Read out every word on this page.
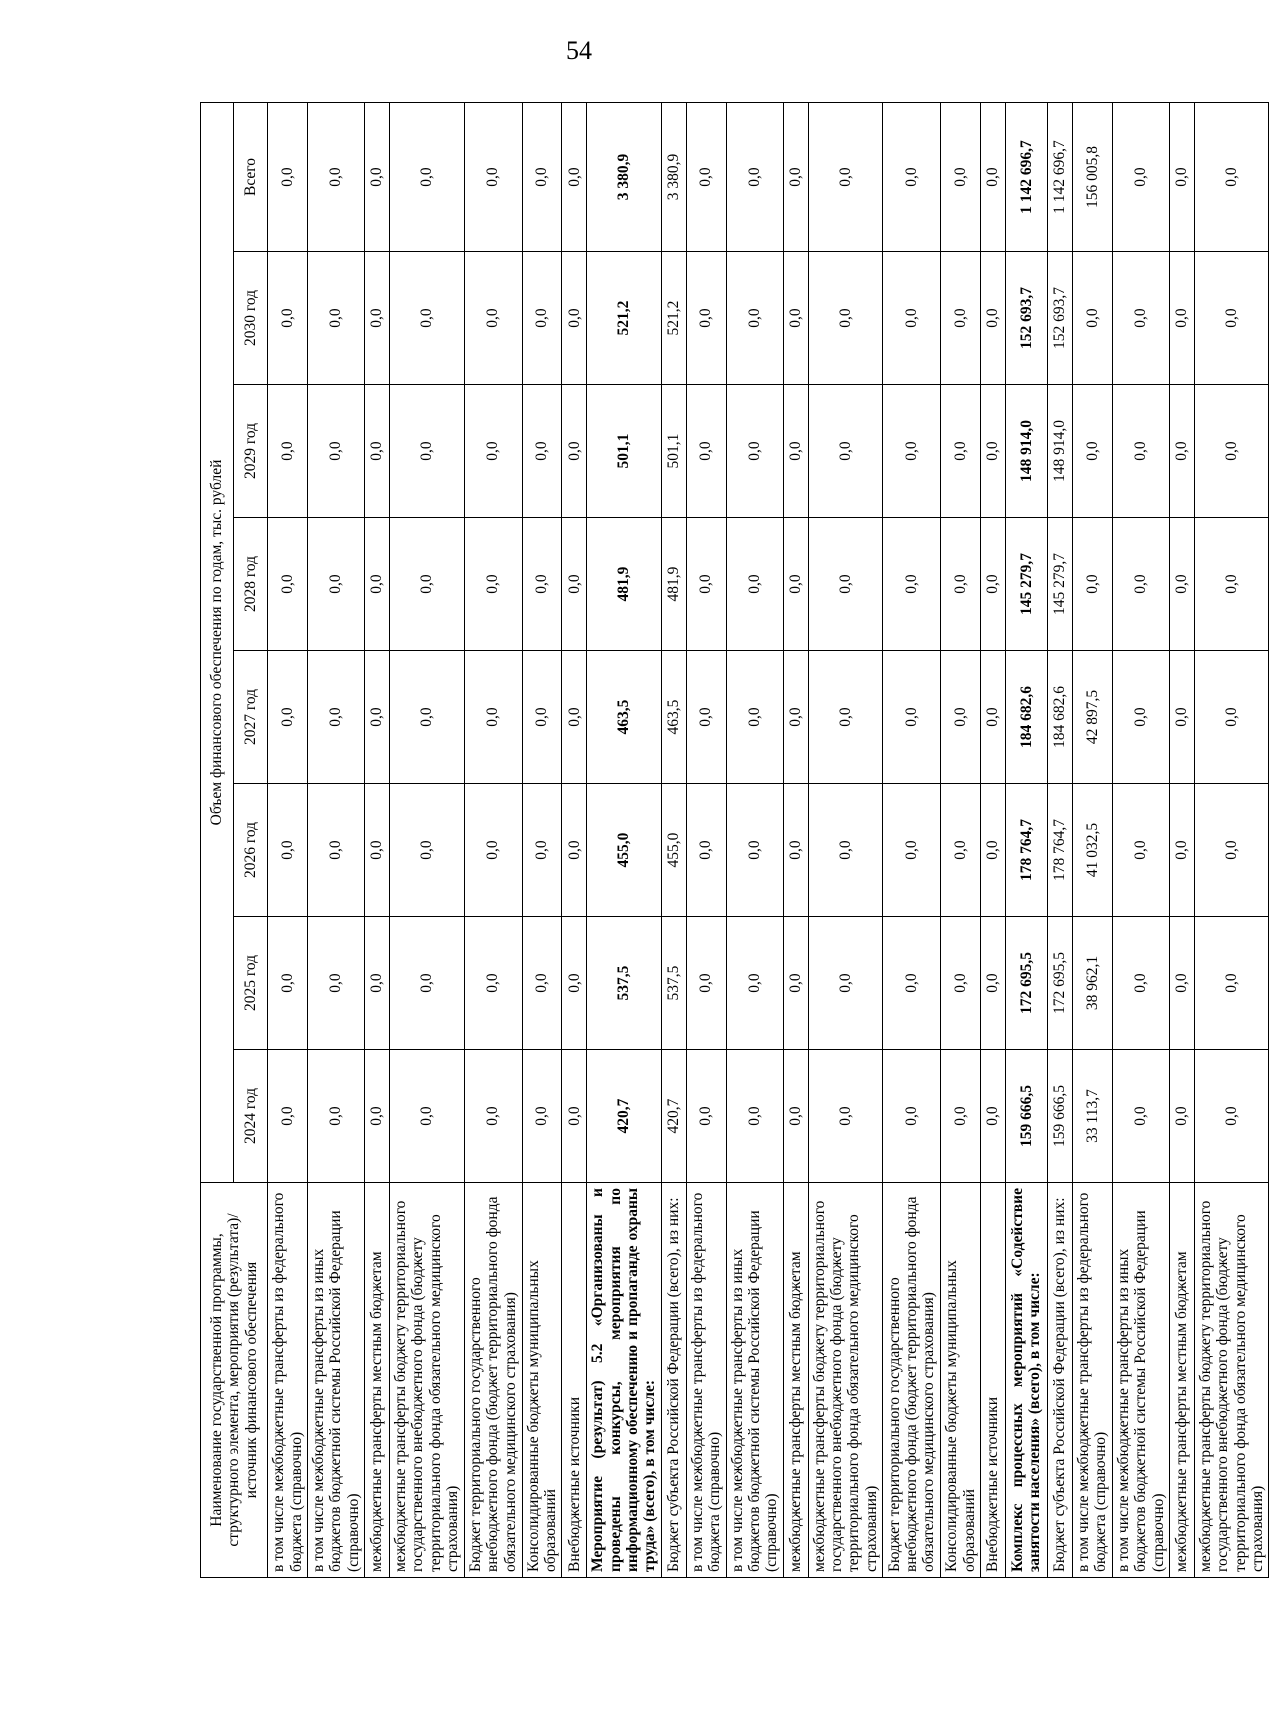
54
Наименование государственной программы, структурного элемента, мероприятия (результата)/источник финансового обеспечения	Объем финансового обеспечения по годам, тыс. рублей							
	2024 год	2025 год	2026 год	2027 год	2028 год	2029 год	2030 год	Всего
в том числе межбюджетные трансферты из федерального бюджета (справочно)	0,0	0,0	0,0	0,0	0,0	0,0	0,0	0,0
в том числе межбюджетные трансферты из иных бюджетов бюджетной системы Российской Федерации (справочно)	0,0	0,0	0,0	0,0	0,0	0,0	0,0	0,0
межбюджетные трансферты местным бюджетам	0,0	0,0	0,0	0,0	0,0	0,0	0,0	0,0
межбюджетные трансферты бюджету территориального государственного внебюджетного фонда (бюджету территориального фонда обязательного медицинского страхования)	0,0	0,0	0,0	0,0	0,0	0,0	0,0	0,0
Бюджет территориального государственного внебюджетного фонда (бюджет территориального фонда обязательного медицинского страхования)	0,0	0,0	0,0	0,0	0,0	0,0	0,0	0,0
Консолидированные бюджеты муниципальных образований	0,0	0,0	0,0	0,0	0,0	0,0	0,0	0,0
Внебюджетные источники	0,0	0,0	0,0	0,0	0,0	0,0	0,0	0,0
Мероприятие (результат) 5.2 «Организованы и проведены конкурсы, мероприятия по информационному обеспечению и пропаганде охраны труда» (всего), в том числе:	420,7	537,5	455,0	463,5	481,9	501,1	521,2	3 380,9
Бюджет субъекта Российской Федерации (всего), из них:	420,7	537,5	455,0	463,5	481,9	501,1	521,2	3 380,9
в том числе межбюджетные трансферты из федерального бюджета (справочно)	0,0	0,0	0,0	0,0	0,0	0,0	0,0	0,0
в том числе межбюджетные трансферты из иных бюджетов бюджетной системы Российской Федерации (справочно)	0,0	0,0	0,0	0,0	0,0	0,0	0,0	0,0
межбюджетные трансферты местным бюджетам	0,0	0,0	0,0	0,0	0,0	0,0	0,0	0,0
межбюджетные трансферты бюджету территориального государственного внебюджетного фонда (бюджету территориального фонда обязательного медицинского страхования)	0,0	0,0	0,0	0,0	0,0	0,0	0,0	0,0
Бюджет территориального государственного внебюджетного фонда (бюджет территориального фонда обязательного медицинского страхования)	0,0	0,0	0,0	0,0	0,0	0,0	0,0	0,0
Консолидированные бюджеты муниципальных образований	0,0	0,0	0,0	0,0	0,0	0,0	0,0	0,0
Внебюджетные источники	0,0	0,0	0,0	0,0	0,0	0,0	0,0	0,0
Комплекс процессных мероприятий «Содействие занятости населения» (всего), в том числе:	159 666,5	172 695,5	178 764,7	184 682,6	145 279,7	148 914,0	152 693,7	1 142 696,7
Бюджет субъекта Российской Федерации (всего), из них:	159 666,5	172 695,5	178 764,7	184 682,6	145 279,7	148 914,0	152 693,7	1 142 696,7
в том числе межбюджетные трансферты из федерального бюджета (справочно)	33 113,7	38 962,1	41 032,5	42 897,5	0,0	0,0	0,0	156 005,8
в том числе межбюджетные трансферты из иных бюджетов бюджетной системы Российской Федерации (справочно)	0,0	0,0	0,0	0,0	0,0	0,0	0,0	0,0
межбюджетные трансферты местным бюджетам	0,0	0,0	0,0	0,0	0,0	0,0	0,0	0,0
межбюджетные трансферты бюджету территориального государственного внебюджетного фонда (бюджету территориального фонда обязательного медицинского страхования)	0,0	0,0	0,0	0,0	0,0	0,0	0,0	0,0
